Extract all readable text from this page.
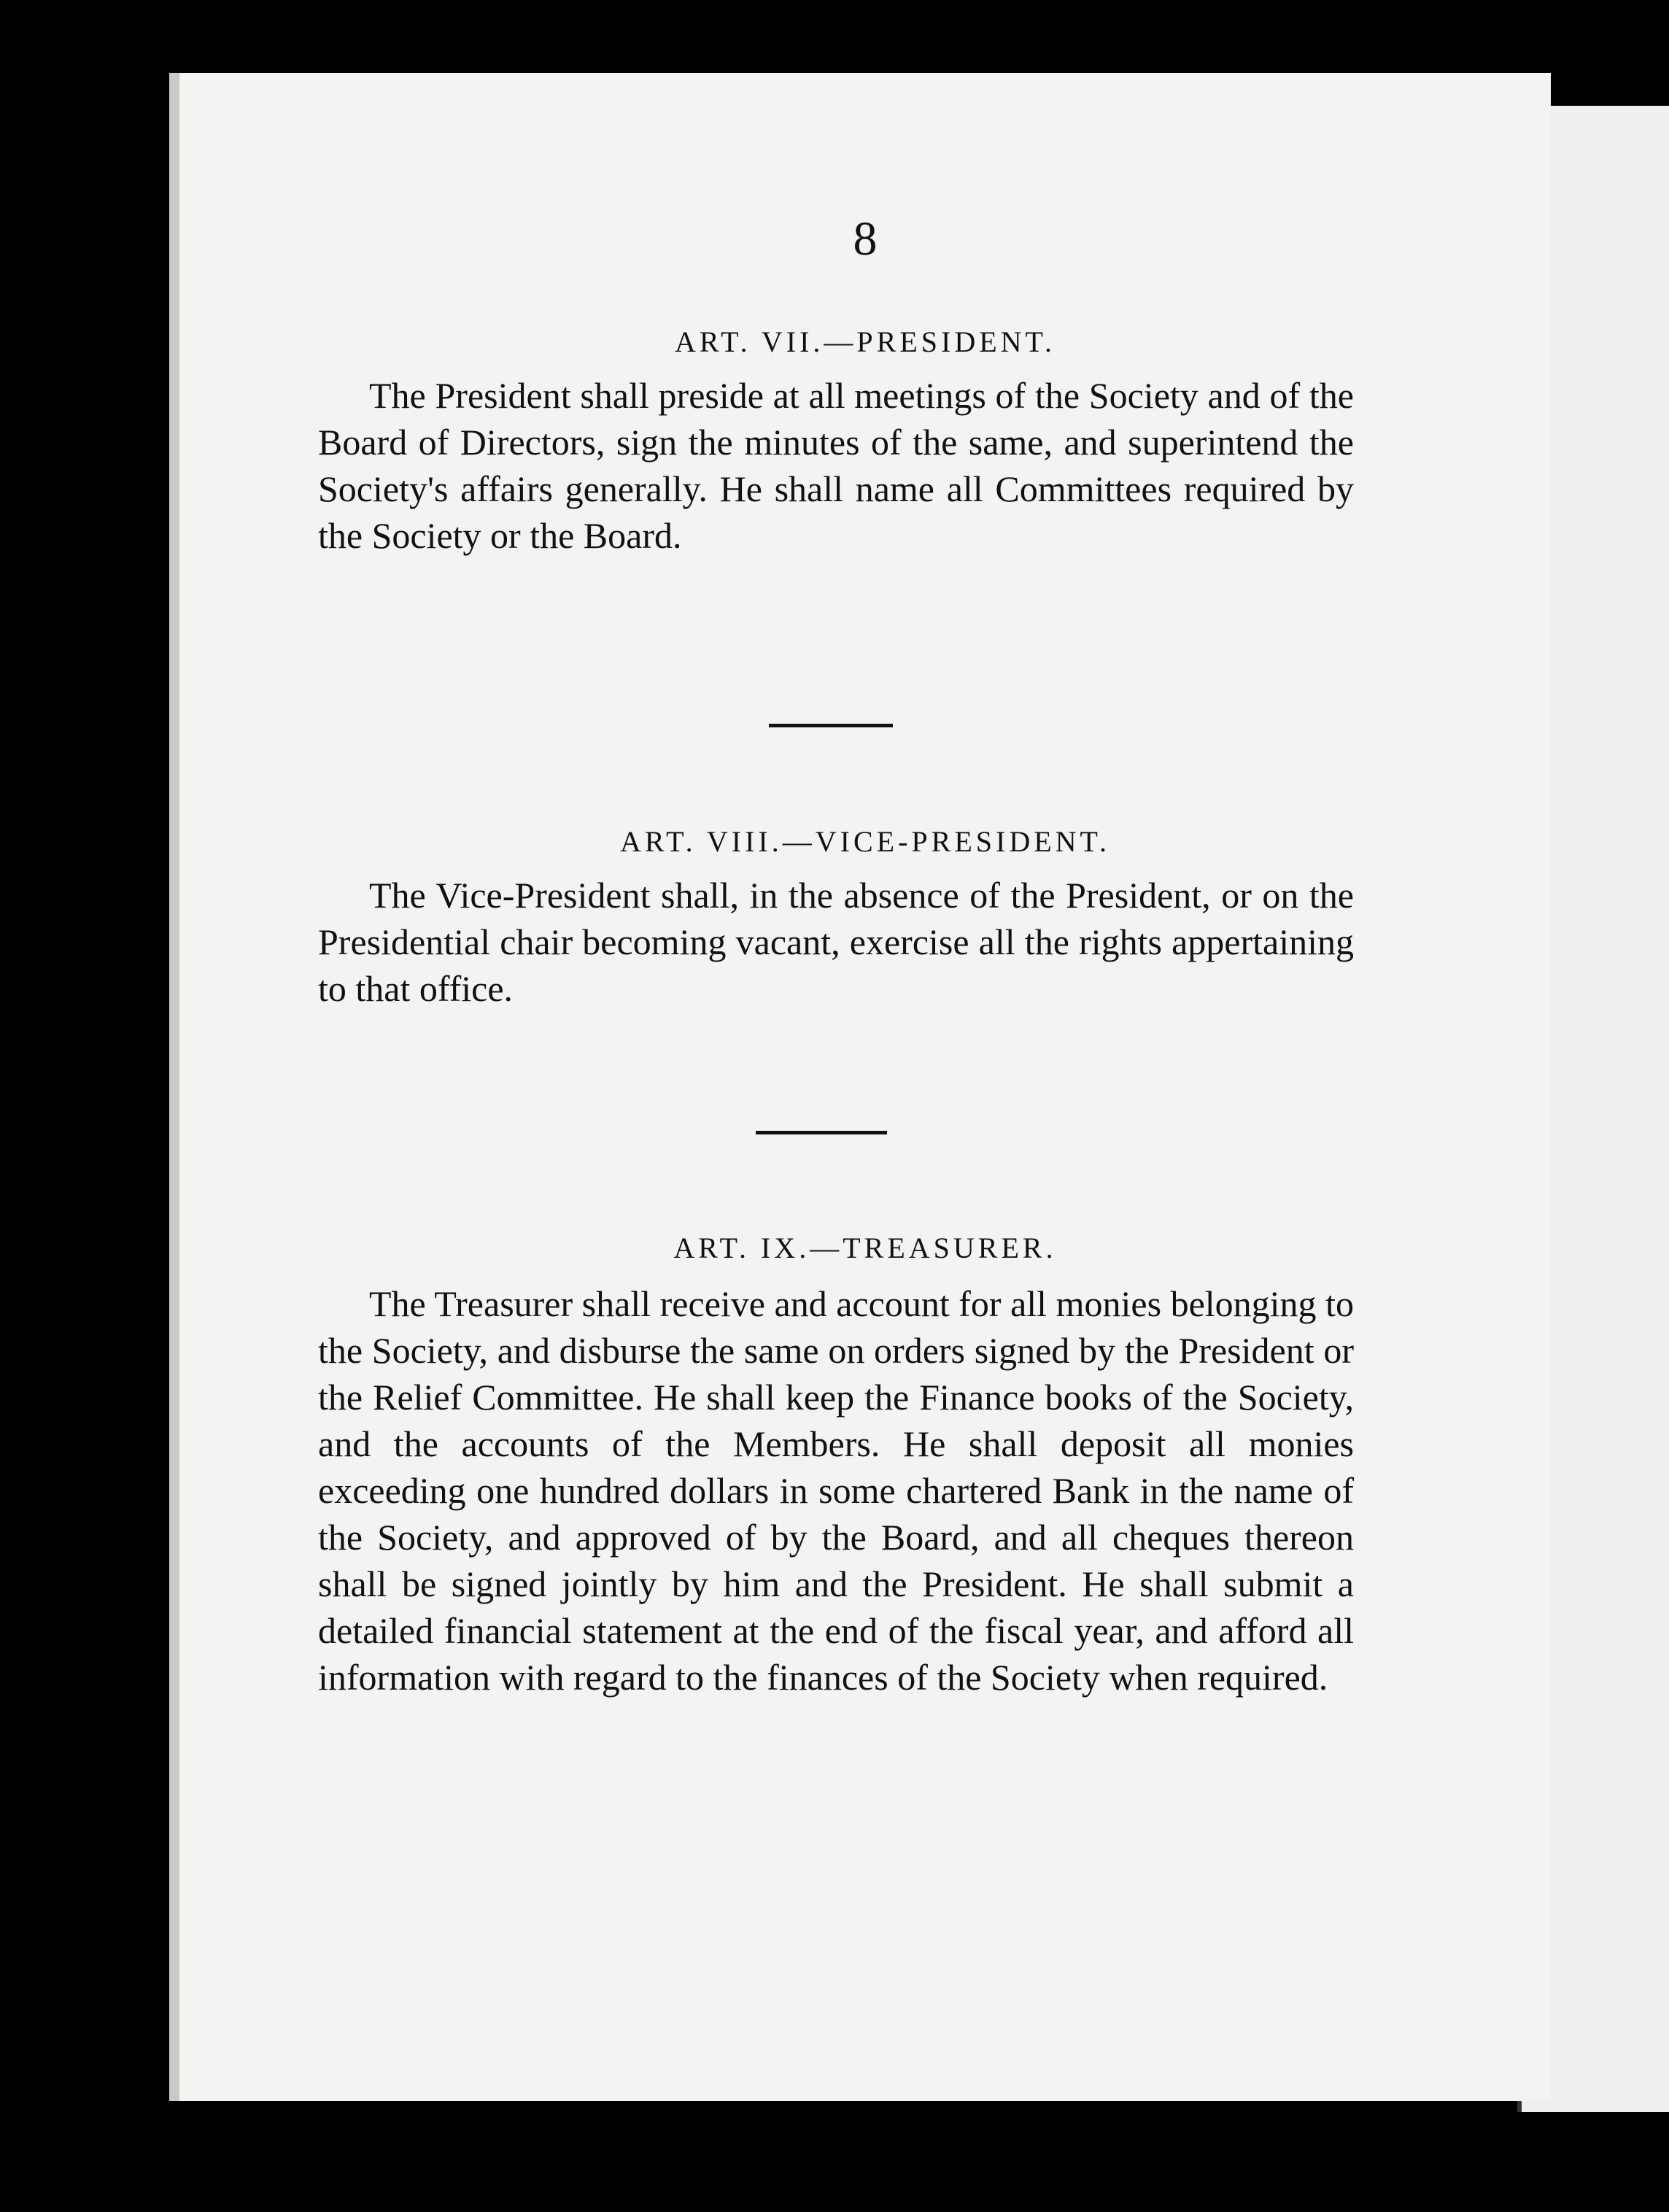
8
ART. VII.—PRESIDENT.

The President shall preside at all meetings of the Society and of the Board of Directors, sign the minutes of the same, and superintend the Society's affairs generally. He shall name all Committees required by the Society or the Board.

ART. VIII.—VICE-PRESIDENT.

The Vice-President shall, in the absence of the President, or on the Presidential chair becoming vacant, exercise all the rights appertaining to that office.

ART. IX.—TREASURER.

The Treasurer shall receive and account for all monies belonging to the Society, and disburse the same on orders signed by the President or the Relief Committee. He shall keep the Finance books of the Society, and the accounts of the Members. He shall deposit all monies exceeding one hundred dollars in some chartered Bank in the name of the Society, and approved of by the Board, and all cheques thereon shall be signed jointly by him and the President. He shall submit a detailed financial statement at the end of the fiscal year, and afford all information with regard to the finances of the Society when required.
